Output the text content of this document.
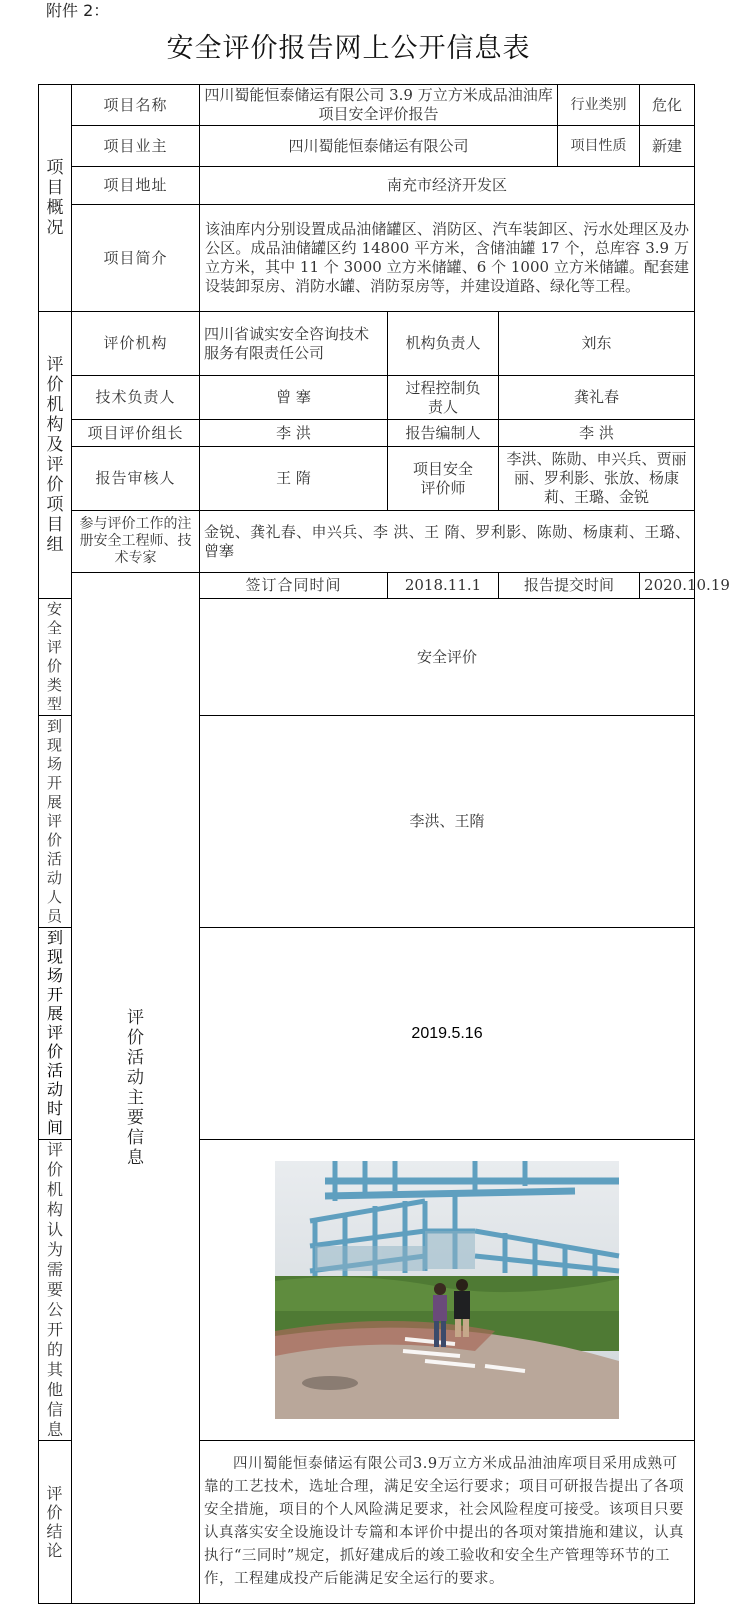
附件 2：
安全评价报告网上公开信息表
项目概况	项目名称	四川蜀能恒泰储运有限公司 3.9 万立方米成品油油库项目安全评价报告			行业类别	危化
	项目业主	四川蜀能恒泰储运有限公司			项目性质	新建
	项目地址	南充市经济开发区				
	项目简介	该油库内分别设置成品油储罐区、消防区、汽车装卸区、污水处理区及办公区。成品油储罐区约 14800 平方米，含储油罐 17 个，总库容 3.9 万立方米，其中 11 个 3000 立方米储罐、6 个 1000 立方米储罐。配套建设装卸泵房、消防水罐、消防泵房等，并建设道路、绿化等工程。				

评价机构及评价项目组	评价机构	四川省诚实安全咨询技术服务有限责任公司	机构负责人	刘东		
	技术负责人	曾 搴	过程控制负责人	龚礼春		
	项目评价组长	李 洪	报告编制人	李 洪		
	报告审核人	王 隋	项目安全评价师	李洪、陈勋、申兴兵、贾丽丽、罗利影、张放、杨康莉、王璐、金锐		
	参与评价工作的注册安全工程师、技术专家	金锐、龚礼春、申兴兵、李 洪、王 隋、罗利影、陈勋、杨康莉、王璐、曾搴				

	评价活动主要信息	签订合同时间	2018.11.1	报告提交时间		2020.10.19
安全评价类型		安全评价				
到现场开展评价活动人员		李洪、王隋				
到现场开展评价活动时间		2019.5.16				
评价机构认为需要公开的其他信息	

评价结论		四川蜀能恒泰储运有限公司3.9万立方米成品油油库项目采用成熟可靠的工艺技术，选址合理，满足安全运行要求；项目可研报告提出了各项安全措施，项目的个人风险满足要求，社会风险程度可接受。该项目只要认真落实安全设施设计专篇和本评价中提出的各项对策措施和建议，认真执行“三同时”规定，抓好建成后的竣工验收和安全生产管理等环节的工作，工程建成投产后能满足安全运行的要求。				
